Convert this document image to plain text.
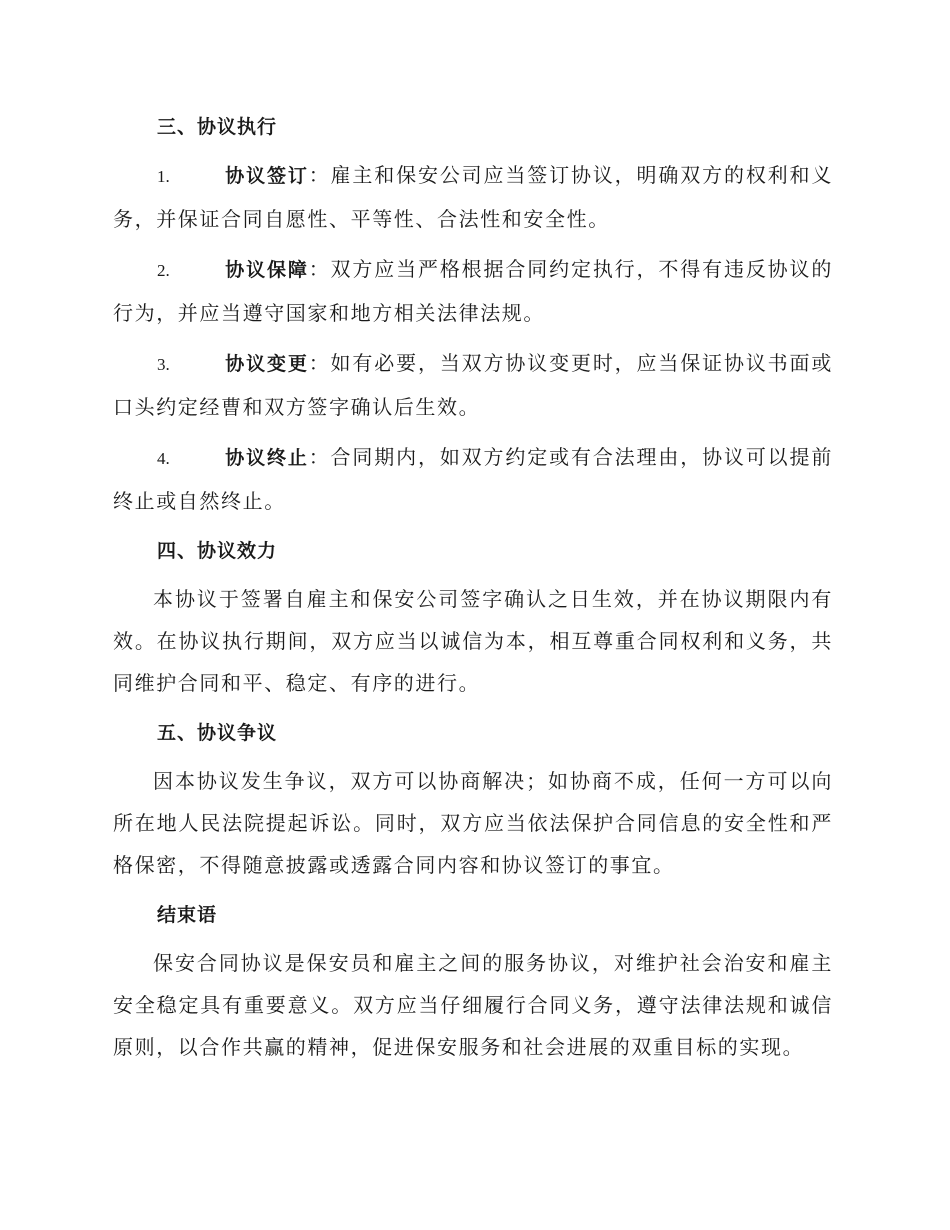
三、协议执行

1.	协议签订：雇主和保安公司应当签订协议，明确双方的权利和义务，并保证合同自愿性、平等性、合法性和安全性。

2.	协议保障：双方应当严格根据合同约定执行，不得有违反协议的行为，并应当遵守国家和地方相关法律法规。

3.	协议变更：如有必要，当双方协议变更时，应当保证协议书面或口头约定经曹和双方签字确认后生效。

4.	协议终止：合同期内，如双方约定或有合法理由，协议可以提前终止或自然终止。

四、协议效力

本协议于签署自雇主和保安公司签字确认之日生效，并在协议期限内有效。在协议执行期间，双方应当以诚信为本，相互尊重合同权利和义务，共同维护合同和平、稳定、有序的进行。

五、协议争议

因本协议发生争议，双方可以协商解决；如协商不成，任何一方可以向所在地人民法院提起诉讼。同时，双方应当依法保护合同信息的安全性和严格保密，不得随意披露或透露合同内容和协议签订的事宜。

结束语

保安合同协议是保安员和雇主之间的服务协议，对维护社会治安和雇主安全稳定具有重要意义。双方应当仔细履行合同义务，遵守法律法规和诚信原则，以合作共赢的精神，促进保安服务和社会进展的双重目标的实现。
